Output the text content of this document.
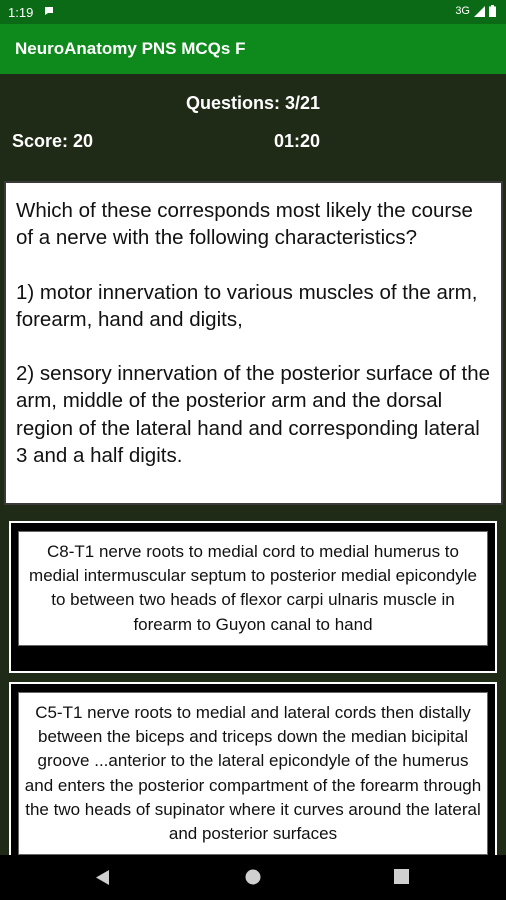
1:19	3G
NeuroAnatomy PNS MCQs F
Questions: 3/21
Score: 20	01:20

Which of these corresponds most likely the course of a nerve with the following characteristics?

1) motor innervation to various muscles of the arm, forearm, hand and digits,

2) sensory innervation of the posterior surface of the arm, middle of the posterior arm and the dorsal region of the lateral hand and corresponding lateral 3 and a half digits.

C8-T1 nerve roots to medial cord to medial humerus to medial intermuscular septum to posterior medial epicondyle to between two heads of flexor carpi ulnaris muscle in forearm to Guyon canal to hand
C5-T1 nerve roots to medial and lateral cords then distally between the biceps and triceps down the median bicipital groove ...anterior to the lateral epicondyle of the humerus and enters the posterior compartment of the forearm through the two heads of supinator where it curves around the lateral and posterior surfaces
